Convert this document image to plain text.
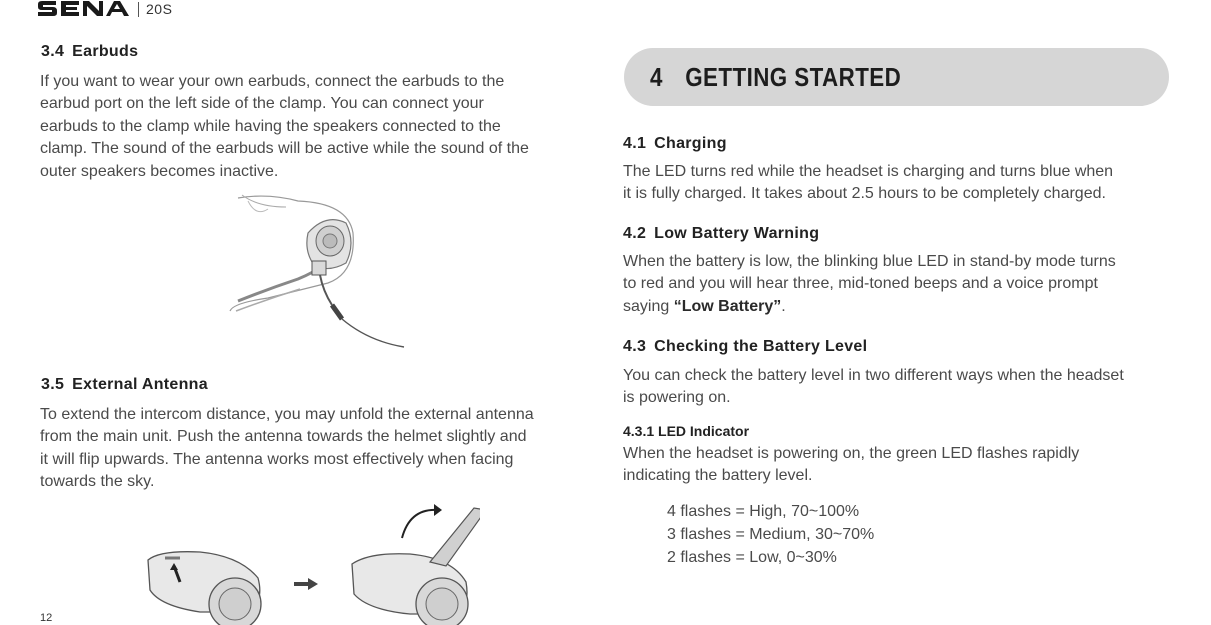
20S
3.4 Earbuds
If you want to wear your own earbuds, connect the earbuds to the
earbud port on the left side of the clamp. You can connect your
earbuds to the clamp while having the speakers connected to the
clamp. The sound of the earbuds will be active while the sound of the
outer speakers becomes inactive.
3.5 External Antenna
To extend the intercom distance, you may unfold the external antenna
from the main unit. Push the antenna towards the helmet slightly and
it will flip upwards. The antenna works most effectively when facing
towards the sky.
4 GETTING STARTED
4.1 Charging
The LED turns red while the headset is charging and turns blue when
it is fully charged. It takes about 2.5 hours to be completely charged.
4.2 Low Battery Warning
When the battery is low, the blinking blue LED in stand-by mode turns
to red and you will hear three, mid-toned beeps and a voice prompt
saying “Low Battery”.
4.3 Checking the Battery Level
You can check the battery level in two different ways when the headset
is powering on.
4.3.1 LED Indicator
When the headset is powering on, the green LED flashes rapidly
indicating the battery level.
4 flashes = High, 70~100%
3 flashes = Medium, 30~70%
2 flashes = Low, 0~30%
12
